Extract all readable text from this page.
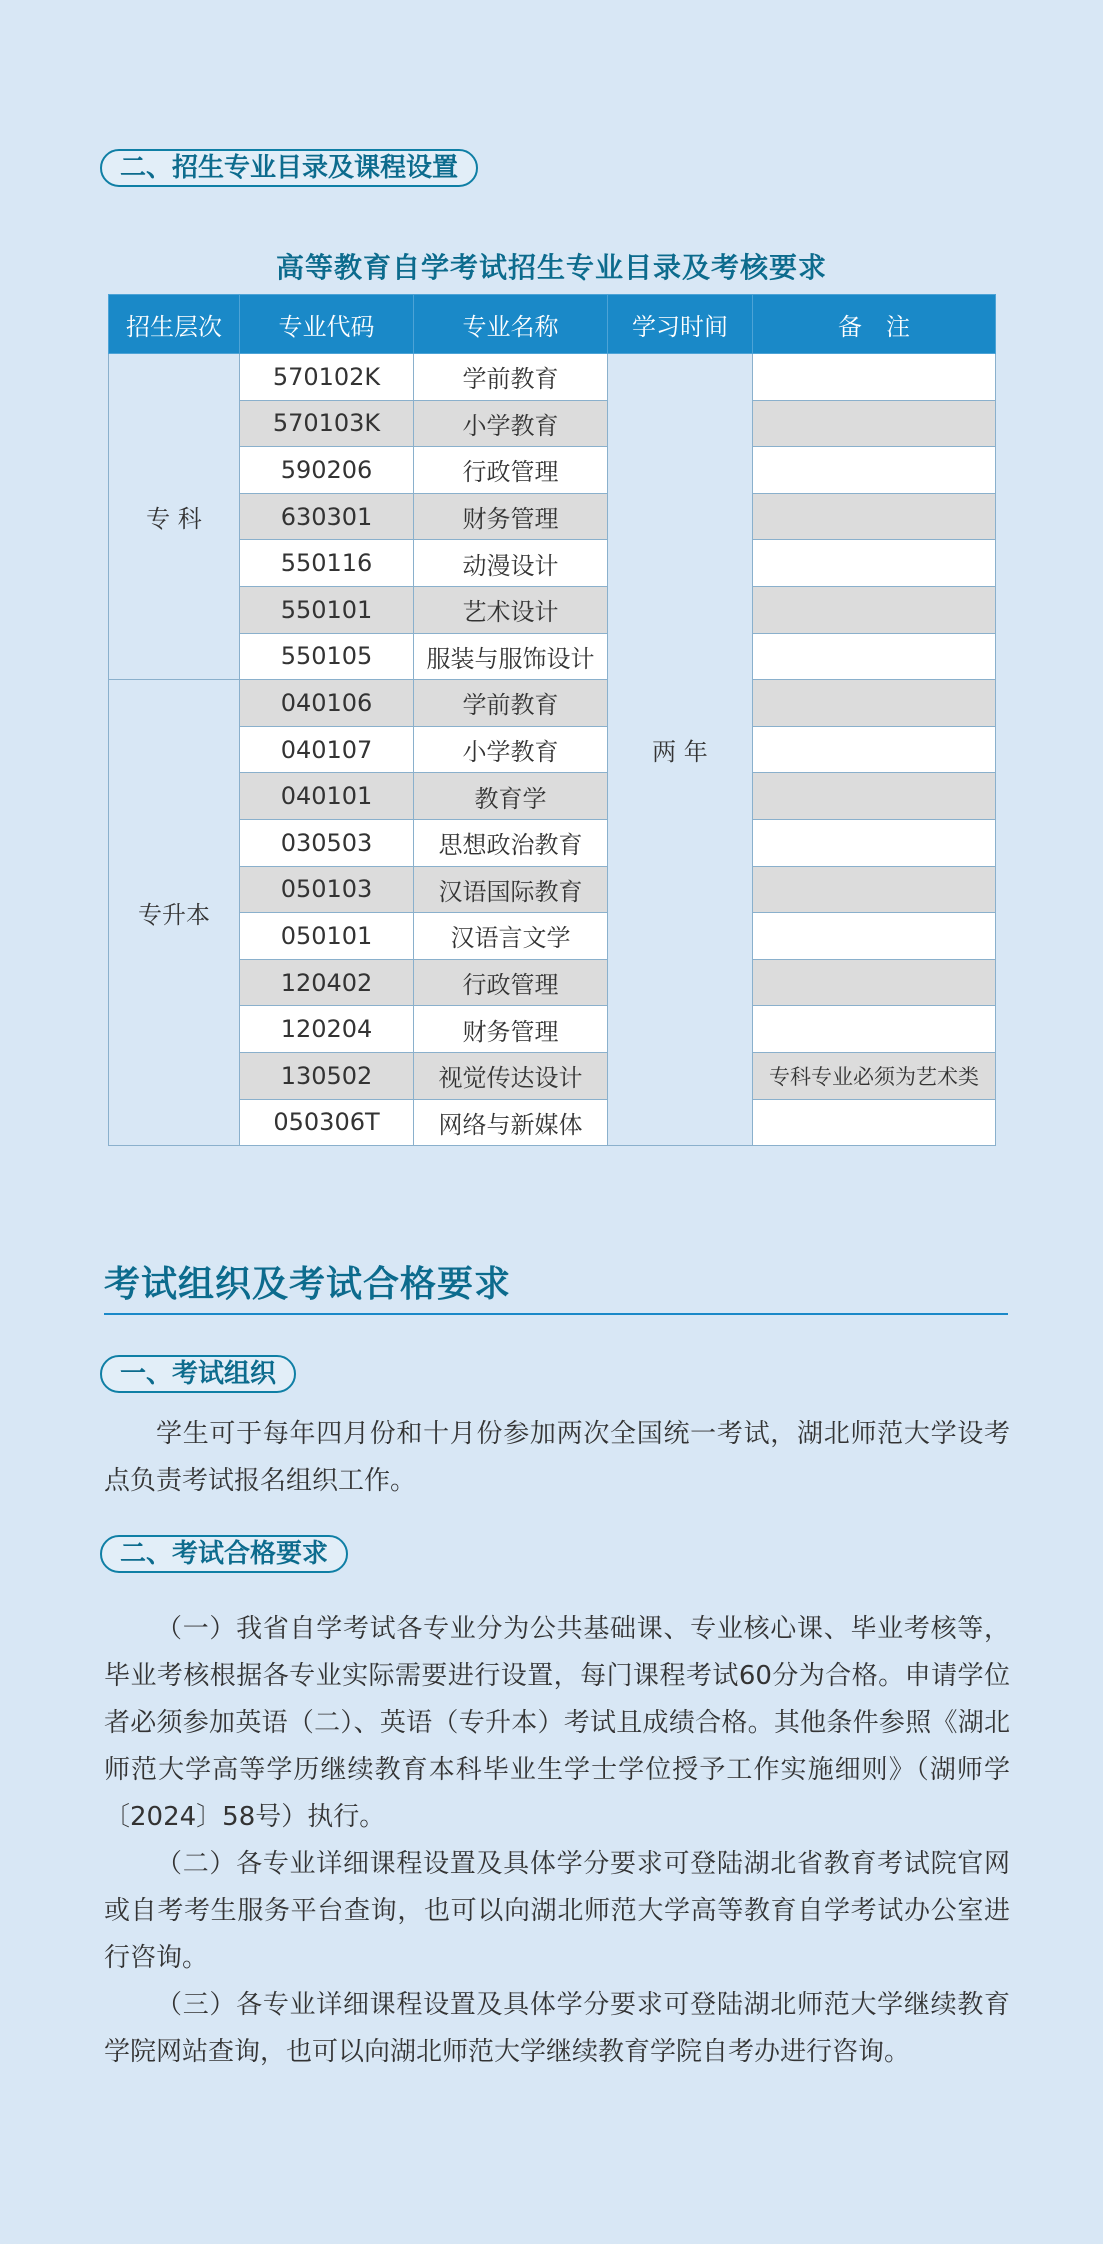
二、招生专业目录及课程设置
高等教育自学考试招生专业目录及考核要求
招生层次	专业代码	专业名称	学习时间	备　注
专 科	570102K	学前教育	两 年	
	570103K	小学教育		
	590206	行政管理		
	630301	财务管理		
	550116	动漫设计		
	550101	艺术设计		
	550105	服装与服饰设计		
专升本	040106	学前教育		
	040107	小学教育		
	040101	教育学		
	030503	思想政治教育		
	050103	汉语国际教育		
	050101	汉语言文学		
	120402	行政管理		
	120204	财务管理		
	130502	视觉传达设计		专科专业必须为艺术类
	050306T	网络与新媒体		
考试组织及考试合格要求
一、考试组织

学生可于每年四月份和十月份参加两次全国统一考试，湖北师范大学设考点负责考试报名组织工作。

二、考试合格要求

（一）我省自学考试各专业分为公共基础课、专业核心课、毕业考核等，毕业考核根据各专业实际需要进行设置，每门课程考试60分为合格。申请学位者必须参加英语（二）、英语（专升本）考试且成绩合格。其他条件参照《湖北师范大学高等学历继续教育本科毕业生学士学位授予工作实施细则》（湖师学〔2024〕58号）执行。

（二）各专业详细课程设置及具体学分要求可登陆湖北省教育考试院官网或自考考生服务平台查询，也可以向湖北师范大学高等教育自学考试办公室进行咨询。

（三）各专业详细课程设置及具体学分要求可登陆湖北师范大学继续教育学院网站查询，也可以向湖北师范大学继续教育学院自考办进行咨询。
